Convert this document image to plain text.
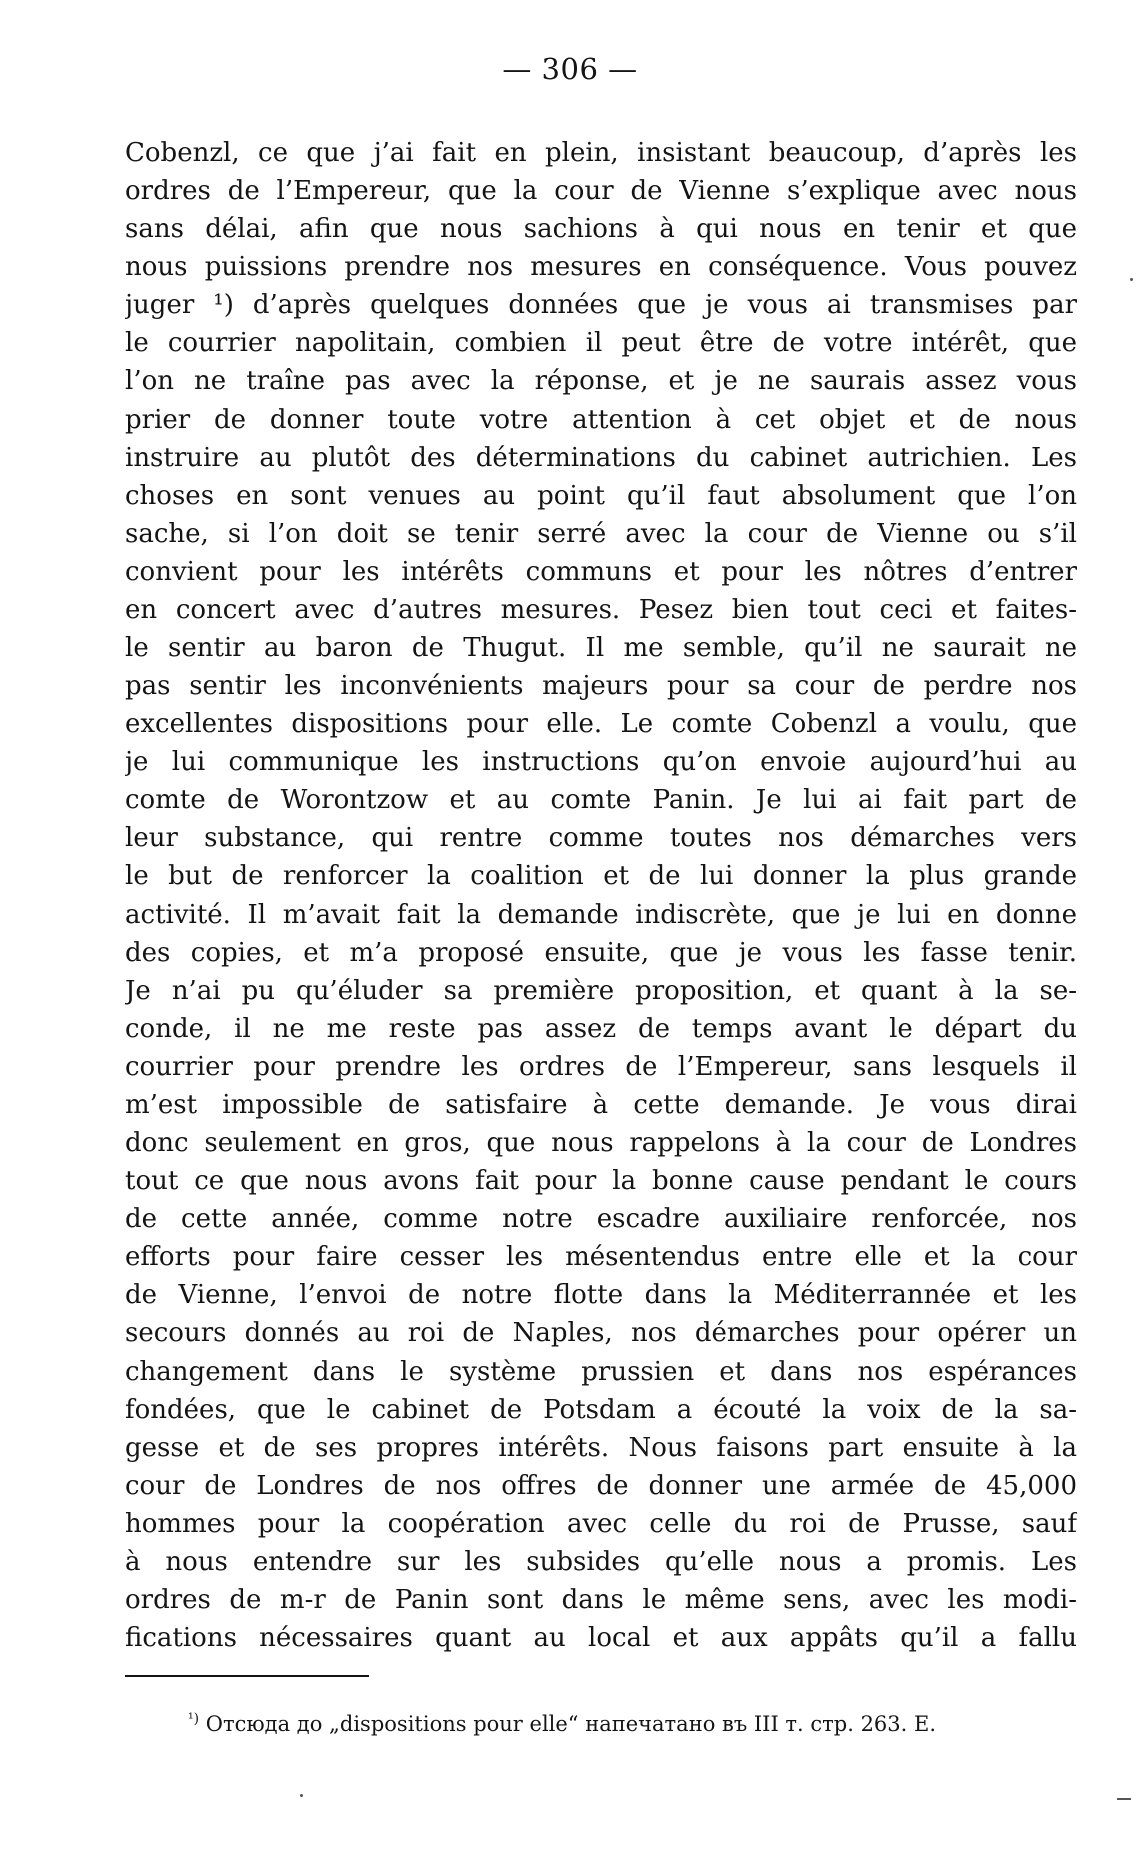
— 306 —
Cobenzl, ce que j’ai fait en plein, insistant beaucoup, d’après les
ordres de l’Empereur, que la cour de Vienne s’explique avec nous
sans délai, afin que nous sachions à qui nous en tenir et que
nous puissions prendre nos mesures en conséquence. Vous pouvez
juger ¹) d’après quelques données que je vous ai transmises par
le courrier napolitain, combien il peut être de votre intérêt, que
l’on ne traîne pas avec la réponse, et je ne saurais assez vous
prier de donner toute votre attention à cet objet et de nous
instruire au plutôt des déterminations du cabinet autrichien. Les
choses en sont venues au point qu’il faut absolument que l’on
sache, si l’on doit se tenir serré avec la cour de Vienne ou s’il
convient pour les intérêts communs et pour les nôtres d’entrer
en concert avec d’autres mesures. Pesez bien tout ceci et faites-
le sentir au baron de Thugut. Il me semble, qu’il ne saurait ne
pas sentir les inconvénients majeurs pour sa cour de perdre nos
excellentes dispositions pour elle. Le comte Cobenzl a voulu, que
je lui communique les instructions qu’on envoie aujourd’hui au
comte de Worontzow et au comte Panin. Je lui ai fait part de
leur substance, qui rentre comme toutes nos démarches vers
le but de renforcer la coalition et de lui donner la plus grande
activité. Il m’avait fait la demande indiscrète, que je lui en donne
des copies, et m’a proposé ensuite, que je vous les fasse tenir.
Je n’ai pu qu’éluder sa première proposition, et quant à la se-
conde, il ne me reste pas assez de temps avant le départ du
courrier pour prendre les ordres de l’Empereur, sans lesquels il
m’est impossible de satisfaire à cette demande. Je vous dirai
donc seulement en gros, que nous rappelons à la cour de Londres
tout ce que nous avons fait pour la bonne cause pendant le cours
de cette année, comme notre escadre auxiliaire renforcée, nos
efforts pour faire cesser les mésentendus entre elle et la cour
de Vienne, l’envoi de notre flotte dans la Méditerrannée et les
secours donnés au roi de Naples, nos démarches pour opérer un
changement dans le système prussien et dans nos espérances
fondées, que le cabinet de Potsdam a écouté la voix de la sa-
gesse et de ses propres intérêts. Nous faisons part ensuite à la
cour de Londres de nos offres de donner une armée de 45,000
hommes pour la coopération avec celle du roi de Prusse, sauf
à nous entendre sur les subsides qu’elle nous a promis. Les
ordres de m-r de Panin sont dans le même sens, avec les modi-
fications nécessaires quant au local et aux appâts qu’il a fallu
$^{^1)}$ Отсюда до „dispositions pour elle“ напечатано въ III т. стр. 263. Е.
